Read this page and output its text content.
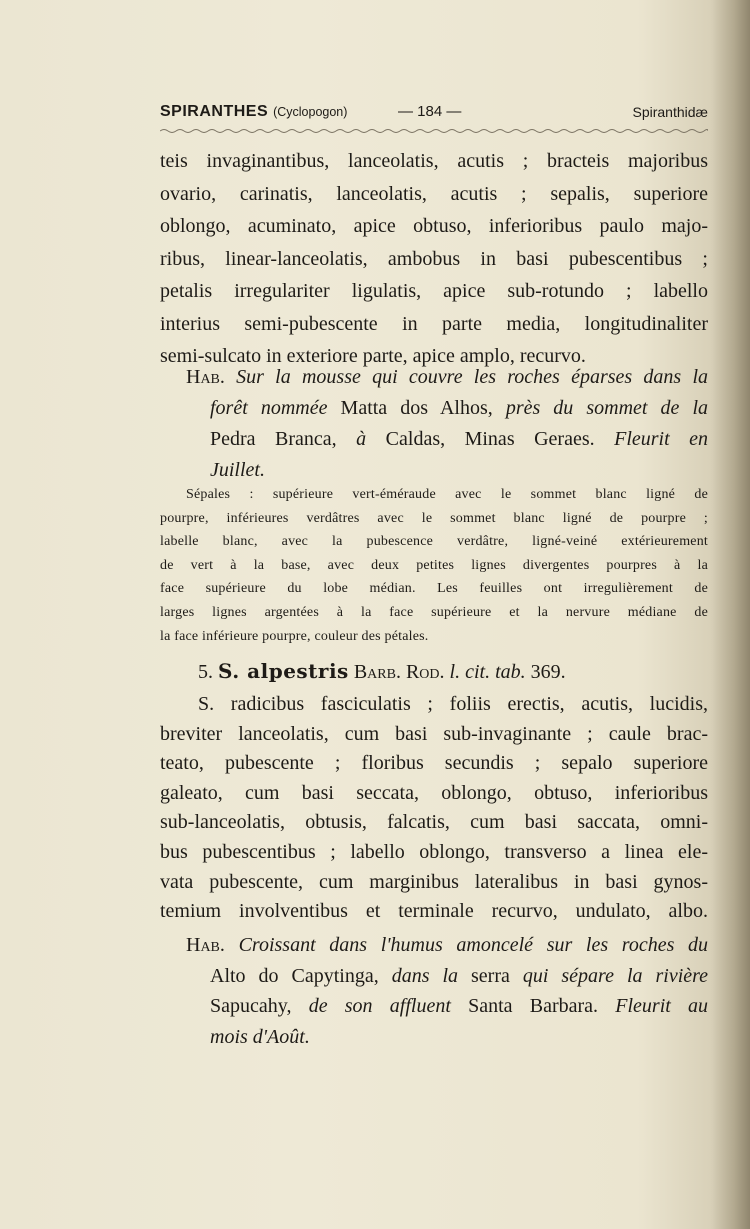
SPIRANTHES (Cyclopogon)	— 184 —	Spiranthidæ
teis invaginantibus, lanceolatis, acutis ; bracteis majoribus
ovario, carinatis, lanceolatis, acutis ; sepalis, superiore
oblongo, acuminato, apice obtuso, inferioribus paulo majo-
ribus, linear-lanceolatis, ambobus in basi pubescentibus ;
petalis irregulariter ligulatis, apice sub-rotundo ; labello
interius semi-pubescente in parte media, longitudinaliter
semi-sulcato in exteriore parte, apice amplo, recurvo.
Hab. Sur la mousse qui couvre les roches éparses dans la
forêt nommée Matta dos Alhos, près du sommet de la
Pedra Branca, à Caldas, Minas Geraes. Fleurit en
Juillet.
Sépales : supérieure vert-éméraude avec le sommet blanc ligné de
pourpre, inférieures verdâtres avec le sommet blanc ligné de pourpre ;
labelle blanc, avec la pubescence verdâtre, ligné-veiné extérieurement
de vert à la base, avec deux petites lignes divergentes pourpres à la
face supérieure du lobe médian. Les feuilles ont irregulièrement de
larges lignes argentées à la face supérieure et la nervure médiane de
la face inférieure pourpre, couleur des pétales.
5. S. alpestris Barb. Rod. l. cit. tab. 369.
S. radicibus fasciculatis ; foliis erectis, acutis, lucidis,
breviter lanceolatis, cum basi sub-invaginante ; caule brac-
teato, pubescente ; floribus secundis ; sepalo superiore
galeato, cum basi seccata, oblongo, obtuso, inferioribus
sub-lanceolatis, obtusis, falcatis, cum basi saccata, omni-
bus pubescentibus ; labello oblongo, transverso a linea ele-
vata pubescente, cum marginibus lateralibus in basi gynos-
temium involventibus et terminale recurvo, undulato, albo.
Hab. Croissant dans l'humus amoncelé sur les roches du
Alto do Capytinga, dans la serra qui sépare la rivière
Sapucahy, de son affluent Santa Barbara. Fleurit au
mois d'Août.
